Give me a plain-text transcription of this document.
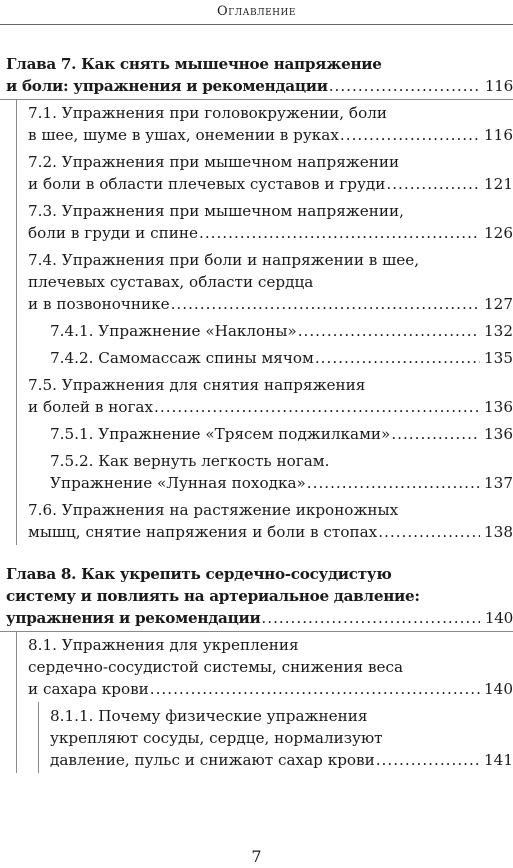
Оглавление
Глава 7. Как снять мышечное напряжение
и боли: упражнения и рекомендации .....	116
7.1. Упражнения при головокружении, боли
в шее, шуме в ушах, онемении в руках .....	116
7.2. Упражнения при мышечном напряжении
и боли в области плечевых суставов и груди .....	121
7.3. Упражнения при мышечном напряжении,
боли в груди и спине .....	126
7.4. Упражнения при боли и напряжении в шее,
плечевых суставах, области сердца
и в позвоночнике .....	127
7.4.1. Упражнение «Наклоны» .....	132
7.4.2. Самомассаж спины мячом .....	135
7.5. Упражнения для снятия напряжения
и болей в ногах .....	136
7.5.1. Упражнение «Трясем поджилками» .....	136
7.5.2. Как вернуть легкость ногам.
Упражнение «Лунная походка» .....	137
7.6. Упражнения на растяжение икроножных
мышц, снятие напряжения и боли в стопах .....	138
Глава 8. Как укрепить сердечно-сосудистую
систему и повлиять на артериальное давление:
упражнения и рекомендации .....	140
8.1. Упражнения для укрепления
сердечно-сосудистой системы, снижения веса
и сахара крови .....	140
8.1.1. Почему физические упражнения
укрепляют сосуды, сердце, нормализуют
давление, пульс и снижают сахар крови .....	141
7
